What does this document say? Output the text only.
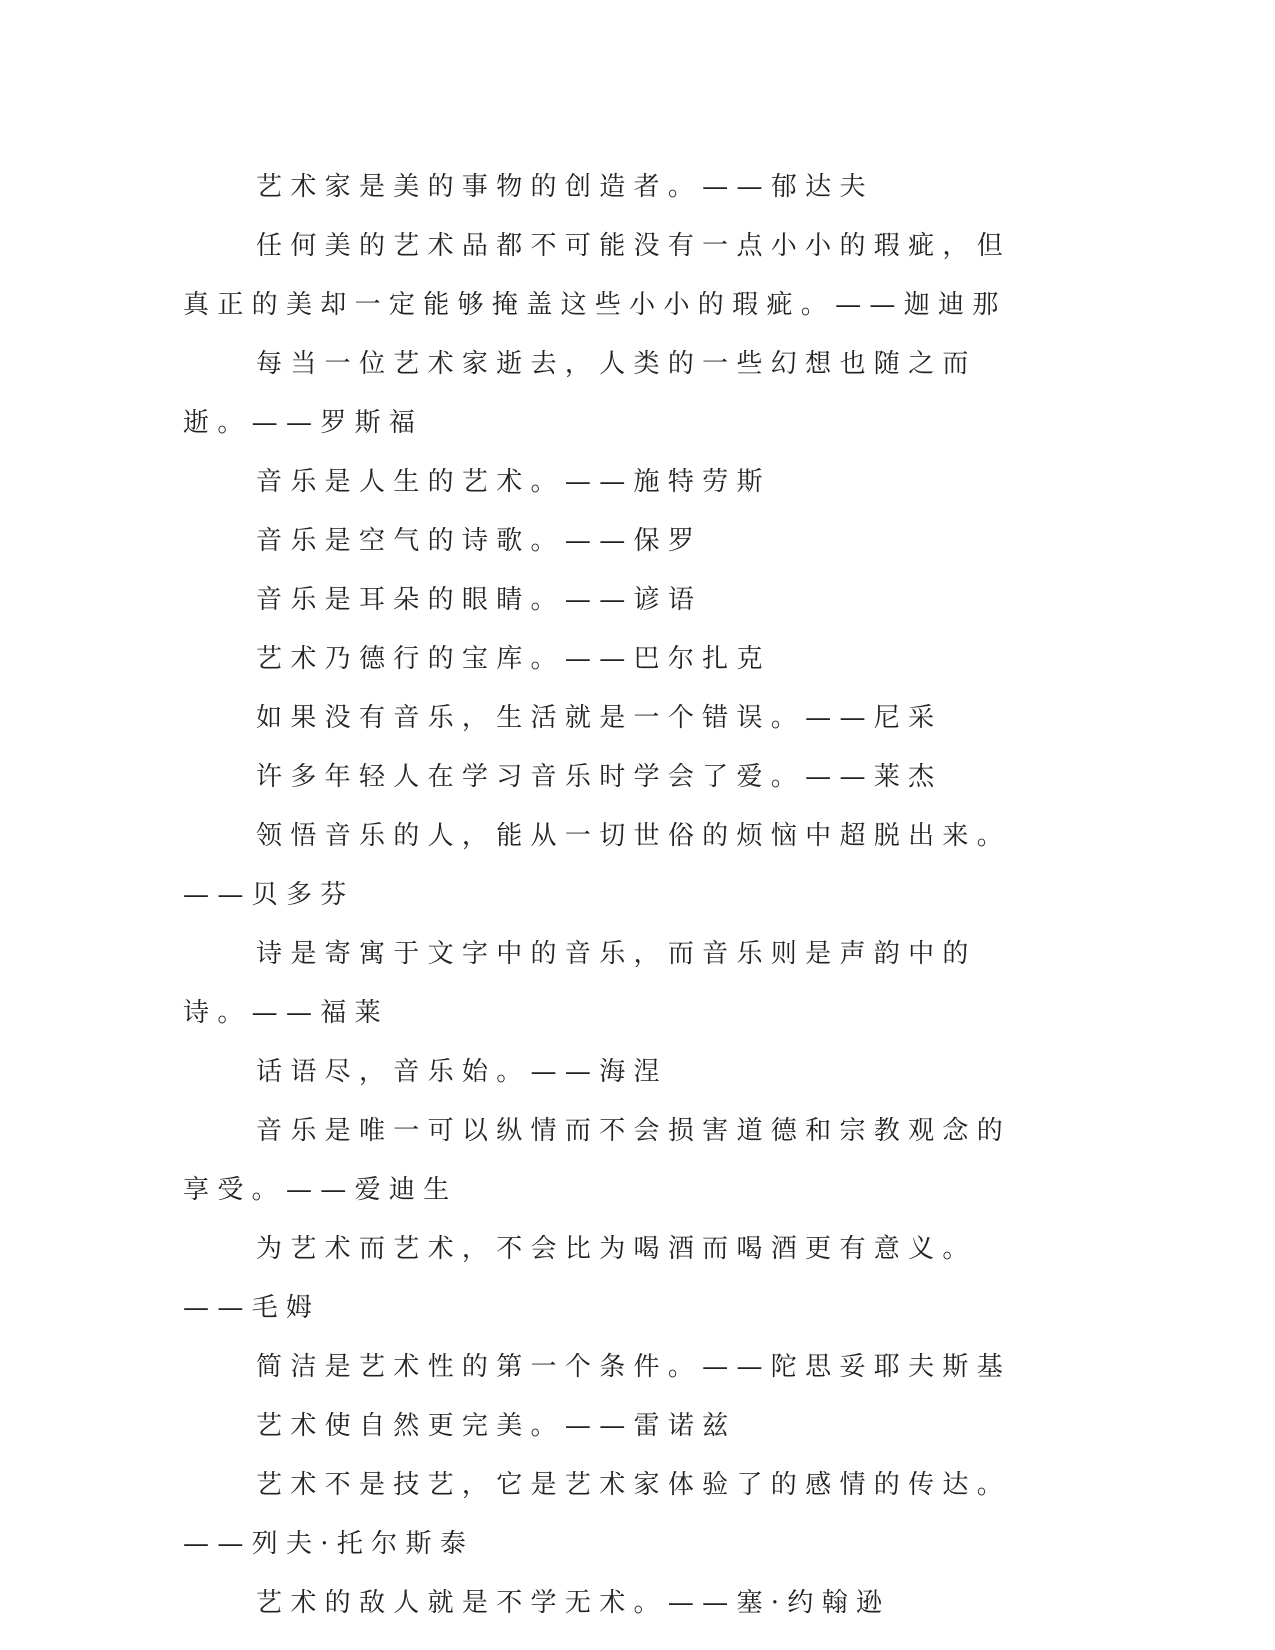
艺术家是美的事物的创造者。——郁达夫

任何美的艺术品都不可能没有一点小小的瑕疵，但真正的美却一定能够掩盖这些小小的瑕疵。——迦迪那

每当一位艺术家逝去，人类的一些幻想也随之而逝。——罗斯福

音乐是人生的艺术。——施特劳斯

音乐是空气的诗歌。——保罗

音乐是耳朵的眼睛。——谚语

艺术乃德行的宝库。——巴尔扎克

如果没有音乐，生活就是一个错误。——尼采

许多年轻人在学习音乐时学会了爱。——莱杰

领悟音乐的人，能从一切世俗的烦恼中超脱出来。——贝多芬

诗是寄寓于文字中的音乐，而音乐则是声韵中的诗。——福莱

话语尽，音乐始。——海涅

音乐是唯一可以纵情而不会损害道德和宗教观念的享受。——爱迪生

为艺术而艺术，不会比为喝酒而喝酒更有意义。——毛姆

简洁是艺术性的第一个条件。——陀思妥耶夫斯基

艺术使自然更完美。——雷诺兹

艺术不是技艺，它是艺术家体验了的感情的传达。——列夫·托尔斯泰

艺术的敌人就是不学无术。——塞·约翰逊
